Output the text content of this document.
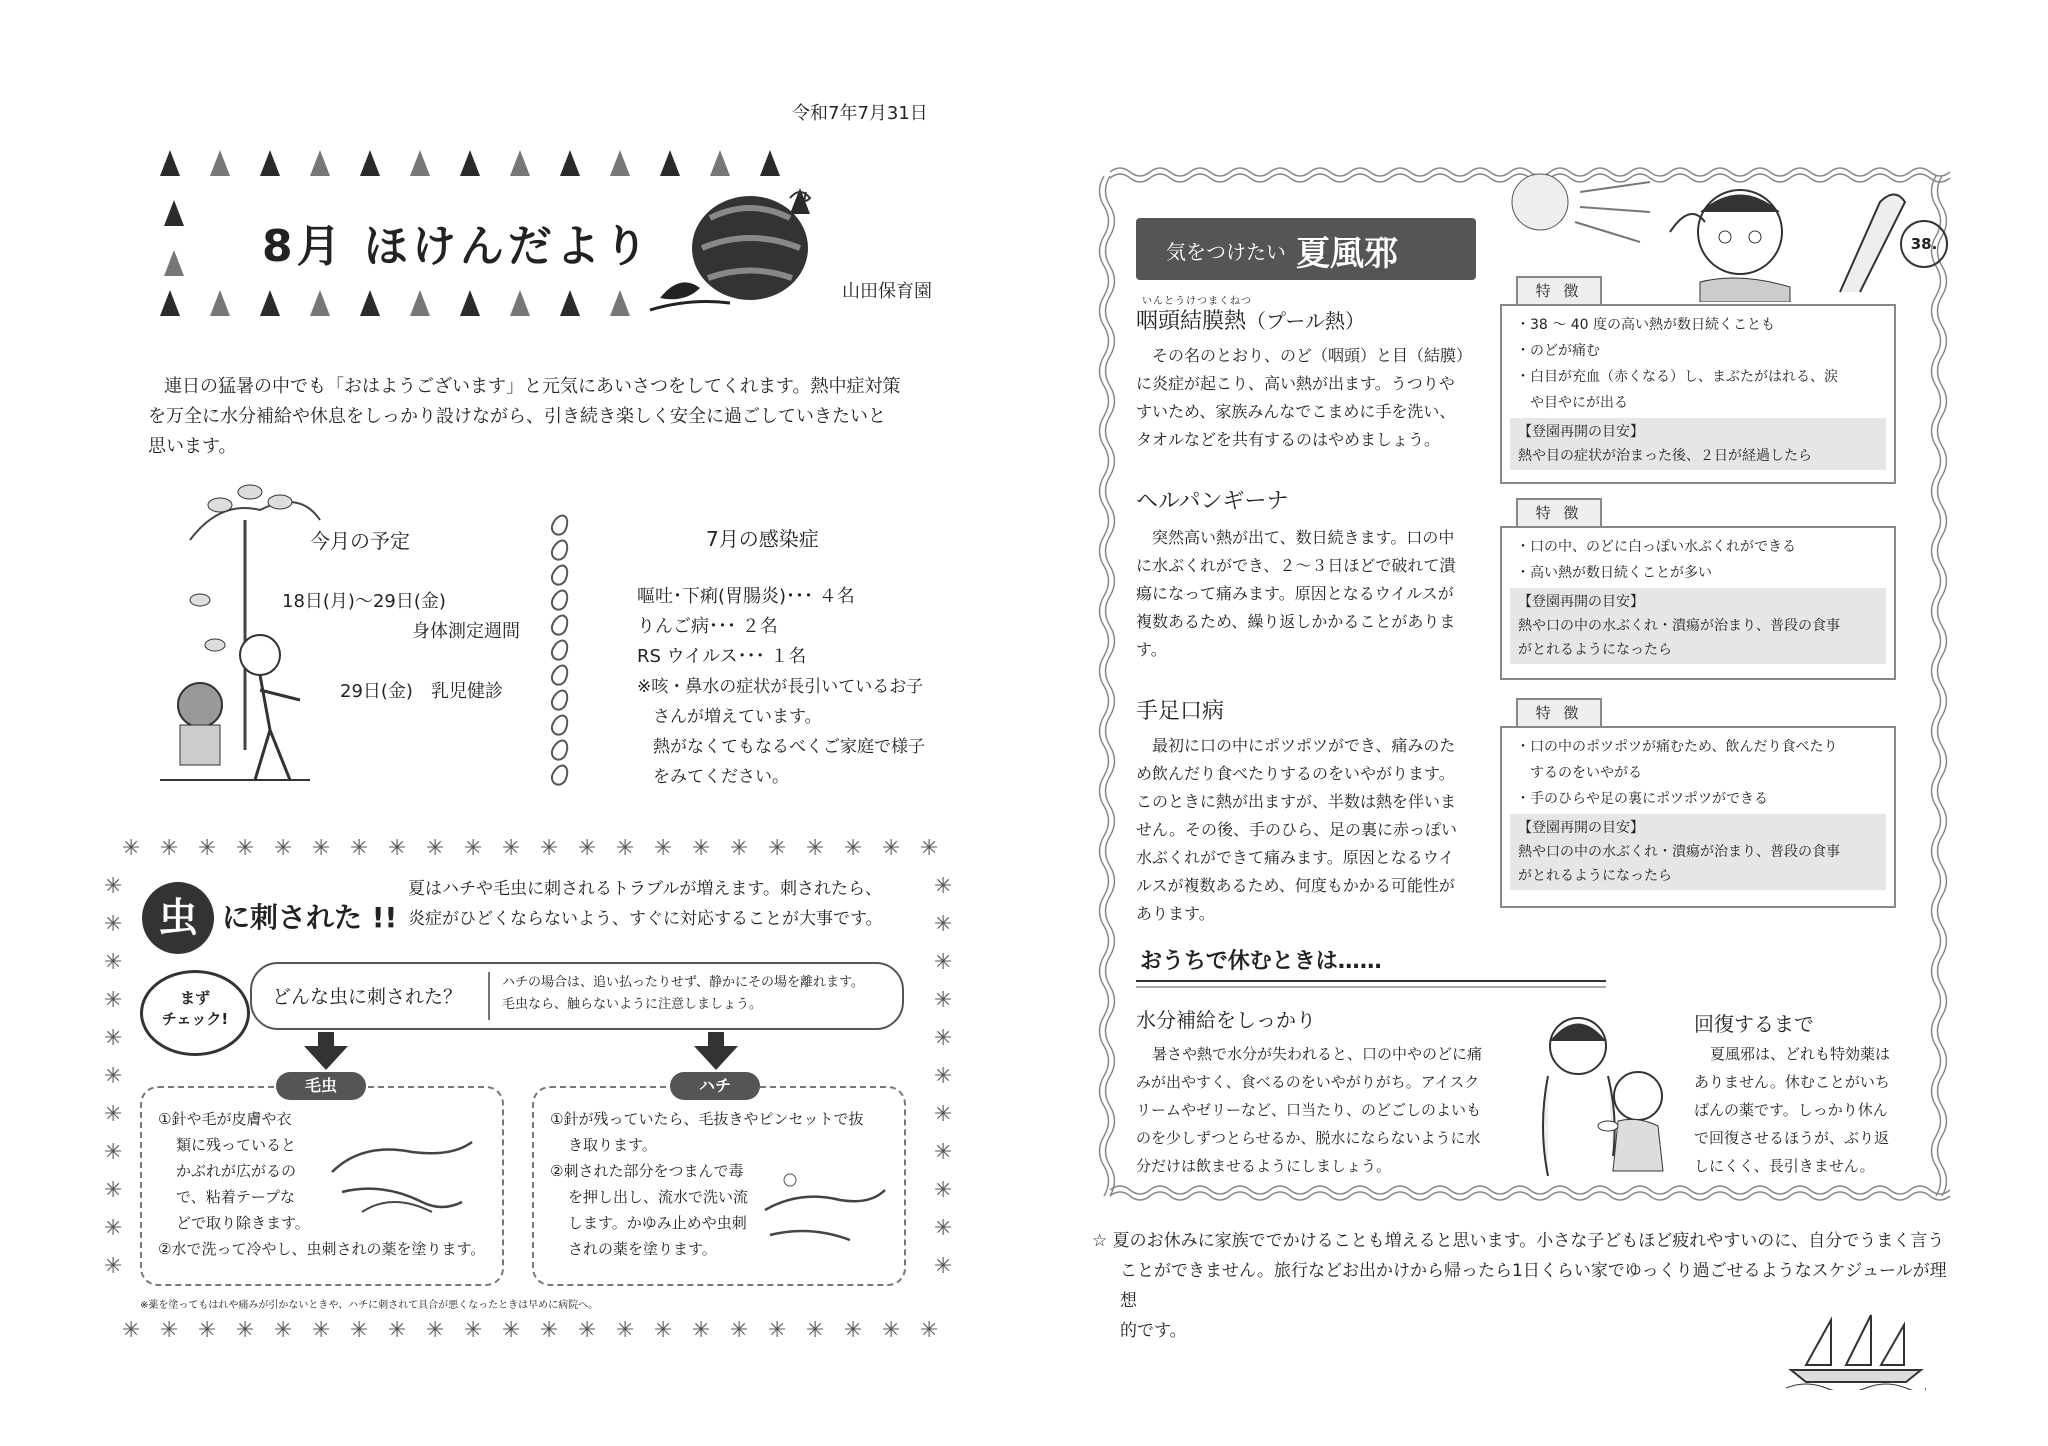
令和7年7月31日
8月 ほけんだより
山田保育園
連日の猛暑の中でも「おはようございます」と元気にあいさつをしてくれます。熱中症対策
を万全に水分補給や休息をしっかり設けながら、引き続き楽しく安全に過ごしていきたいと
思います。
今月の予定
18日(月)～29日(金)
身体測定週間
29日(金)　乳児健診
7月の感染症
嘔吐･下痢(胃腸炎)･･･ ４名
りんご病･･･ ２名
RS ウイルス･･･ １名
※咳・鼻水の症状が長引いているお子
さんが増えています。
熱がなくてもなるべくご家庭で様子
をみてください。
✳
✳
✳
✳
✳
✳
✳
✳
✳
✳
✳
✳
✳
✳
✳
✳
✳
✳
✳
✳
✳
✳
✳
✳
✳
✳
✳
✳
✳
✳
✳
✳
✳
✳
✳
✳
✳
✳
✳
✳
✳
✳
✳
✳
✳	✳
✳	✳
✳	✳
✳	✳
✳	✳
✳	✳
✳	✳
✳	✳
✳	✳
✳	✳
✳	✳
虫 に刺された !!
夏はハチや毛虫に刺されるトラブルが増えます。刺されたら、
炎症がひどくならないよう、すぐに対応することが大事です。
まず
チェック!
どんな虫に刺された？
ハチの場合は、追い払ったりせず、静かにその場を離れます。
毛虫なら、触らないように注意しましょう。
毛虫
①針や毛が皮膚や衣
類に残っていると
かぶれが広がるの
で、粘着テープな
どで取り除きます。
②水で洗って冷やし、虫刺されの薬を塗ります。
ハチ
①針が残っていたら、毛抜きやピンセットで抜
き取ります。
②刺された部分をつまんで毒
を押し出し、流水で洗い流
します。かゆみ止めや虫刺
されの薬を塗ります。
※薬を塗ってもはれや痛みが引かないときや、ハチに刺されて具合が悪くなったときは早めに病院へ。
気をつけたい 夏風邪	38.
いんとうけつまくねつ
咽頭結膜熱（プール熱）
その名のとおり、のど（咽頭）と目（結膜）
に炎症が起こり、高い熱が出ます。うつりや
すいため、家族みんなでこまめに手を洗い、
タオルなどを共有するのはやめましょう。
特 徴
・38 ～ 40 度の高い熱が数日続くことも
・のどが痛む
・白目が充血（赤くなる）し、まぶたがはれる、涙
　や目やにが出る
【登園再開の目安】
熱や目の症状が治まった後、２日が経過したら
ヘルパンギーナ
突然高い熱が出て、数日続きます。口の中
に水ぶくれができ、２～３日ほどで破れて潰
瘍になって痛みます。原因となるウイルスが
複数あるため、繰り返しかかることがありま
す。
特 徴
・口の中、のどに白っぽい水ぶくれができる
・高い熱が数日続くことが多い
【登園再開の目安】
熱や口の中の水ぶくれ・潰瘍が治まり、普段の食事
がとれるようになったら
手足口病
最初に口の中にポツポツができ、痛みのた
め飲んだり食べたりするのをいやがります。
このときに熱が出ますが、半数は熱を伴いま
せん。その後、手のひら、足の裏に赤っぽい
水ぶくれができて痛みます。原因となるウイ
ルスが複数あるため、何度もかかる可能性が
あります。
特 徴
・口の中のポツポツが痛むため、飲んだり食べたり
　するのをいやがる
・手のひらや足の裏にポツポツができる
【登園再開の目安】
熱や口の中の水ぶくれ・潰瘍が治まり、普段の食事
がとれるようになったら
おうちで休むときは……
水分補給をしっかり
暑さや熱で水分が失われると、口の中やのどに痛
みが出やすく、食べるのをいやがりがち。アイスク
リームやゼリーなど、口当たり、のどごしのよいも
のを少しずつとらせるか、脱水にならないように水
分だけは飲ませるようにしましょう。
回復するまで
夏風邪は、どれも特効薬は
ありません。休むことがいち
ばんの薬です。しっかり休ん
で回復させるほうが、ぶり返
しにくく、長引きません。
☆ 夏のお休みに家族ででかけることも増えると思います。小さな子どもほど疲れやすいのに、自分でうまく言う
ことができません。旅行などお出かけから帰ったら1日くらい家でゆっくり過ごせるようなスケジュールが理想
的です。
